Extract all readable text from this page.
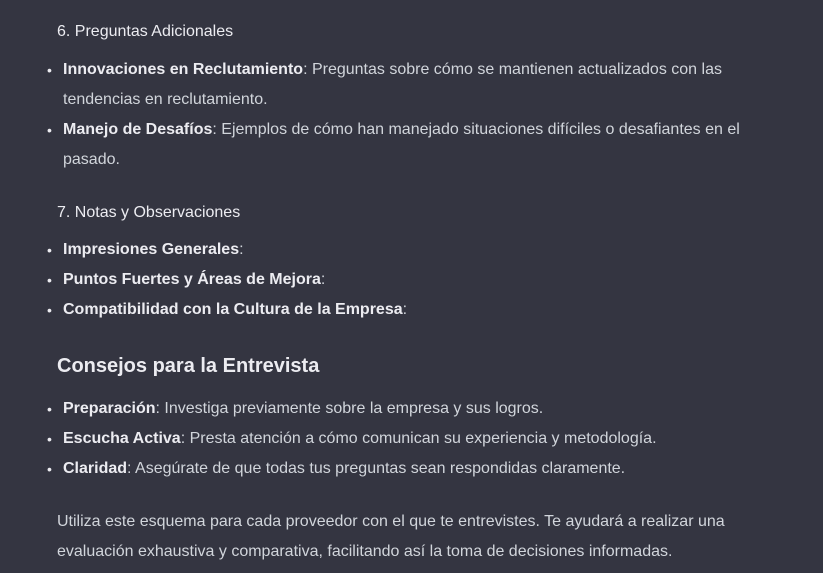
6. Preguntas Adicionales
• Innovaciones en Reclutamiento: Preguntas sobre cómo se mantienen actualizados con las tendencias en reclutamiento.
• Manejo de Desafíos: Ejemplos de cómo han manejado situaciones difíciles o desafiantes en el pasado.
7. Notas y Observaciones
• Impresiones Generales:
• Puntos Fuertes y Áreas de Mejora:
• Compatibilidad con la Cultura de la Empresa:
Consejos para la Entrevista
• Preparación: Investiga previamente sobre la empresa y sus logros.
• Escucha Activa: Presta atención a cómo comunican su experiencia y metodología.
• Claridad: Asegúrate de que todas tus preguntas sean respondidas claramente.

Utiliza este esquema para cada proveedor con el que te entrevistes. Te ayudará a realizar una evaluación exhaustiva y comparativa, facilitando así la toma de decisiones informadas.
